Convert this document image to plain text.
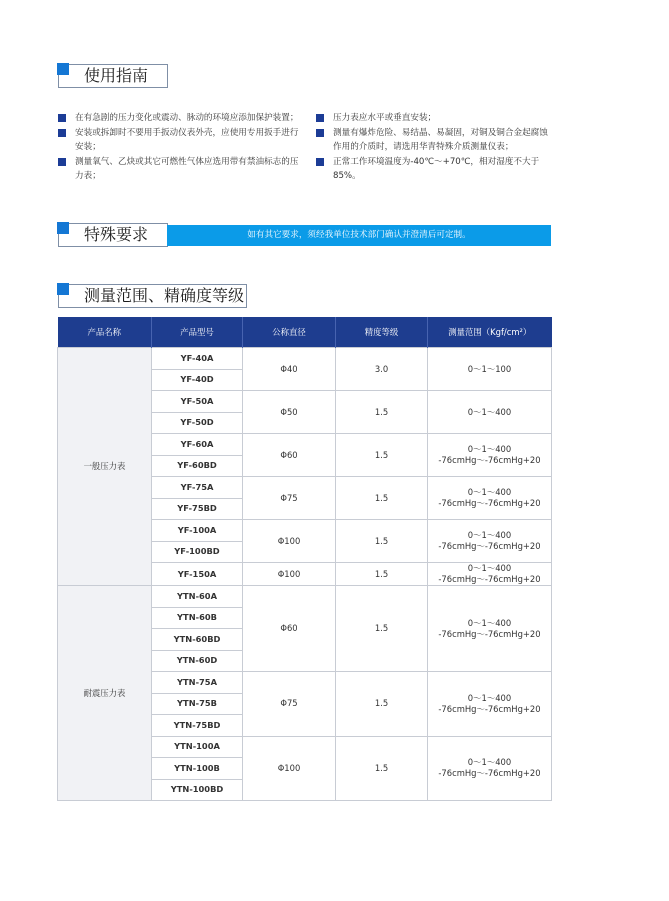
使用指南
在有急剧的压力变化或震动、脉动的环境应添加保护装置；
安装或拆卸时不要用手扳动仪表外壳，应使用专用扳手进行安装；
测量氧气、乙炔或其它可燃性气体应选用带有禁油标志的压力表；
压力表应水平或垂直安装；
测量有爆炸危险、易结晶、易凝固，对铜及铜合金起腐蚀作用的介质时，请选用华青特殊介质测量仪表；
正常工作环境温度为-40℃～+70℃，相对湿度不大于85%。
特殊要求	如有其它要求，须经我单位技术部门确认并澄清后可定制。
测量范围、精确度等级
产品名称	产品型号	公称直径	精度等级	测量范围（Kgf/cm²）
一般压力表	YF-40A	Φ40	3.0	0～1～100

	YF-40D			
	YF-50A	Φ50	1.5	0～1～400

	YF-50D			
	YF-60A	Φ60	1.5	0～1～400
-76cmHg～-76cmHg+20

	YF-60BD			
	YF-75A	Φ75	1.5	0～1～400
-76cmHg～-76cmHg+20

	YF-75BD			
	YF-100A	Φ100	1.5	0～1～400
-76cmHg～-76cmHg+20

	YF-100BD			
	YF-150A	Φ100	1.5	0～1～400
-76cmHg～-76cmHg+20

耐震压力表	YTN-60A	Φ60	1.5	0～1～400
-76cmHg～-76cmHg+20

	YTN-60B			
	YTN-60BD			
	YTN-60D			
	YTN-75A	Φ75	1.5	0～1～400
-76cmHg～-76cmHg+20

	YTN-75B			
	YTN-75BD			
	YTN-100A	Φ100	1.5	0～1～400
-76cmHg～-76cmHg+20

	YTN-100B			
	YTN-100BD			
